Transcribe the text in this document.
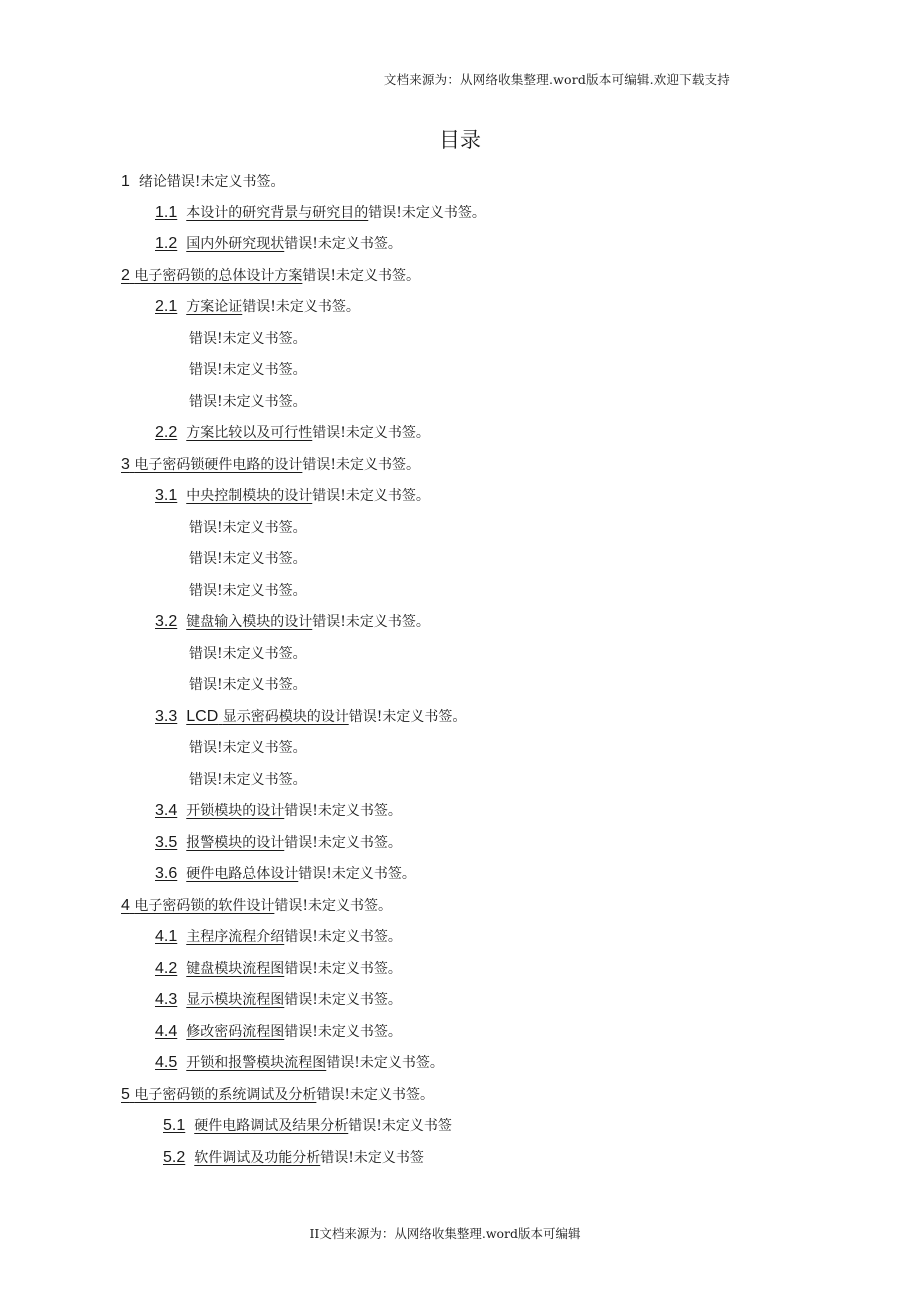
文档来源为：从网络收集整理.word版本可编辑.欢迎下载支持
目录
1 绪论错误!未定义书签。
1.1 本设计的研究背景与研究目的错误!未定义书签。
1.2 国内外研究现状错误!未定义书签。
2 电子密码锁的总体设计方案错误!未定义书签。
2.1 方案论证错误!未定义书签。
错误!未定义书签。
错误!未定义书签。
错误!未定义书签。
2.2 方案比较以及可行性错误!未定义书签。
3 电子密码锁硬件电路的设计错误!未定义书签。
3.1 中央控制模块的设计错误!未定义书签。
错误!未定义书签。
错误!未定义书签。
错误!未定义书签。
3.2 键盘输入模块的设计错误!未定义书签。
错误!未定义书签。
错误!未定义书签。
3.3 LCD 显示密码模块的设计错误!未定义书签。
错误!未定义书签。
错误!未定义书签。
3.4 开锁模块的设计错误!未定义书签。
3.5 报警模块的设计错误!未定义书签。
3.6 硬件电路总体设计错误!未定义书签。
4 电子密码锁的软件设计错误!未定义书签。
4.1 主程序流程介绍错误!未定义书签。
4.2 键盘模块流程图错误!未定义书签。
4.3 显示模块流程图错误!未定义书签。
4.4 修改密码流程图错误!未定义书签。
4.5 开锁和报警模块流程图错误!未定义书签。
5 电子密码锁的系统调试及分析错误!未定义书签。
5.1 硬件电路调试及结果分析错误!未定义书签
5.2 软件调试及功能分析错误!未定义书签
II文档来源为：从网络收集整理.word版本可编辑
